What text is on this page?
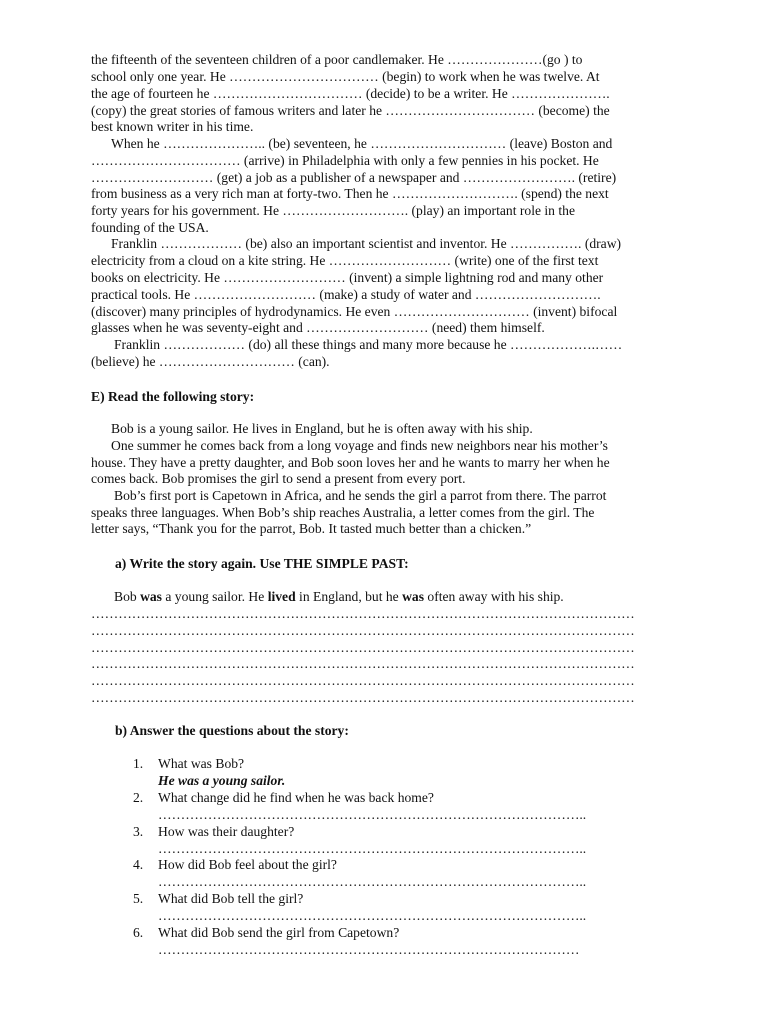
the fifteenth of the seventeen children of a poor candlemaker. He …………………(go ) to
school only one year. He …………………………… (begin) to work when he was twelve. At
the age of fourteen he …………………………… (decide) to be a writer. He ………………….
(copy) the great stories of famous writers and later he …………………………… (become) the
best known writer in his time.
When he ………………….. (be) seventeen, he ………………………… (leave) Boston and
…………………………… (arrive) in Philadelphia with only a few pennies in his pocket. He
……………………… (get) a job as a publisher of a newspaper and ……………………. (retire)
from business as a very rich man at forty-two. Then he ………………………. (spend) the next
forty years for his government. He ………………………. (play) an important role in the
founding of the USA.
Franklin ……………… (be) also an important scientist and inventor. He ……………. (draw)
electricity from a cloud on a kite string. He ……………………… (write) one of the first text
books on electricity. He ……………………… (invent) a simple lightning rod and many other
practical tools. He ……………………… (make) a study of water and ……………………….
(discover) many principles of hydrodynamics. He even ………………………… (invent) bifocal
glasses when he was seventy-eight and ……………………… (need) them himself.
Franklin ……………… (do) all these things and many more because he ……………….……
(believe) he ………………………… (can).
E) Read the following story:
Bob is a young sailor. He lives in England, but he is often away with his ship.
One summer he comes back from a long voyage and finds new neighbors near his mother’s
house. They have a pretty daughter, and Bob soon loves her and he wants to marry her when he
comes back. Bob promises the girl to send a present from every port.
Bob’s first port is Capetown in Africa, and he sends the girl a parrot from there. The parrot
speaks three languages. When Bob’s ship reaches Australia, a letter comes from the girl. The
letter says, “Thank you for the parrot, Bob. It tasted much better than a chicken.”
a) Write the story again. Use THE SIMPLE PAST:
Bob was a young sailor. He lived in England, but he was often away with his ship.
…………………………………………………………………………………………………………
…………………………………………………………………………………………………………
…………………………………………………………………………………………………………
…………………………………………………………………………………………………………
…………………………………………………………………………………………………………
…………………………………………………………………………………………………………
b) Answer the questions about the story:
1. What was Bob?
He was a young sailor.
2. What change did he find when he was back home?
…………………………………………………………………………………..
3. How was their daughter?
…………………………………………………………………………………..
4. How did Bob feel about the girl?
…………………………………………………………………………………..
5. What did Bob tell the girl?
…………………………………………………………………………………..
6. What did Bob send the girl from Capetown?
…………………………………………………………………………………
